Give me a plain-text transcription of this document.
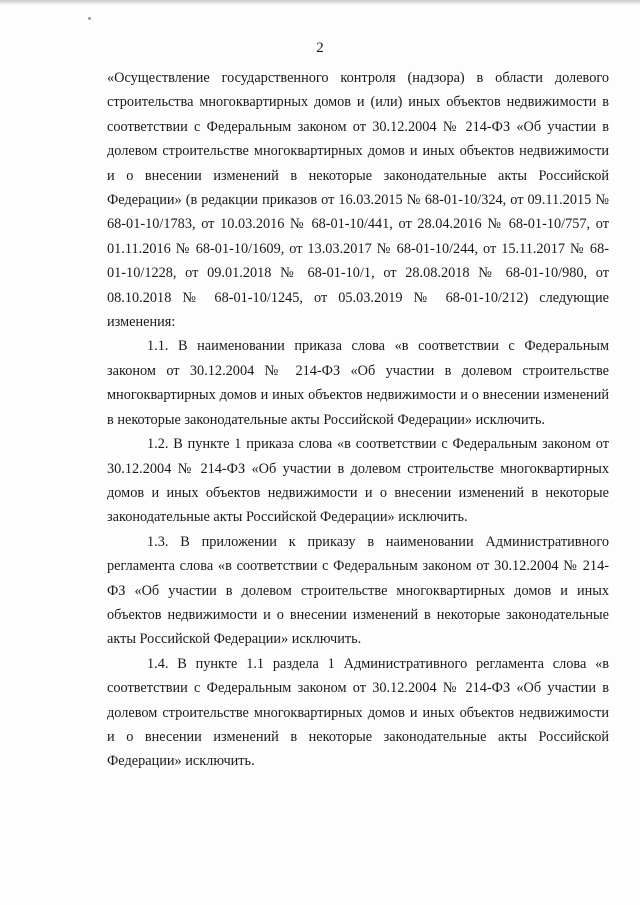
2

«Осуществление государственного контроля (надзора) в области долевого строительства многоквартирных домов и (или) иных объектов недвижимости в соответствии с Федеральным законом от 30.12.2004 № 214-ФЗ «Об участии в долевом строительстве многоквартирных домов и иных объектов недвижимости и о внесении изменений в некоторые законодательные акты Российской Федерации» (в редакции приказов от 16.03.2015 № 68-01-10/324, от 09.11.2015 № 68-01-10/1783, от 10.03.2016 № 68-01-10/441, от 28.04.2016 № 68-01-10/757, от 01.11.2016 № 68-01-10/1609, от 13.03.2017 № 68-01-10/244, от 15.11.2017 № 68-01-10/1228, от 09.01.2018 № 68-01-10/1, от 28.08.2018 № 68-01-10/980, от 08.10.2018 № 68-01-10/1245, от 05.03.2019 № 68-01-10/212) следующие изменения:

1.1. В наименовании приказа слова «в соответствии с Федеральным законом от 30.12.2004 № 214-ФЗ «Об участии в долевом строительстве многоквартирных домов и иных объектов недвижимости и о внесении изменений в некоторые законодательные акты Российской Федерации» исключить.

1.2. В пункте 1 приказа слова «в соответствии с Федеральным законом от 30.12.2004 № 214-ФЗ «Об участии в долевом строительстве многоквартирных домов и иных объектов недвижимости и о внесении изменений в некоторые законодательные акты Российской Федерации» исключить.

1.3. В приложении к приказу в наименовании Административного регламента слова «в соответствии с Федеральным законом от 30.12.2004 № 214-ФЗ «Об участии в долевом строительстве многоквартирных домов и иных объектов недвижимости и о внесении изменений в некоторые законодательные акты Российской Федерации» исключить.

1.4. В пункте 1.1 раздела 1 Административного регламента слова «в соответствии с Федеральным законом от 30.12.2004 № 214-ФЗ «Об участии в долевом строительстве многоквартирных домов и иных объектов недвижимости и о внесении изменений в некоторые законодательные акты Российской Федерации» исключить.
